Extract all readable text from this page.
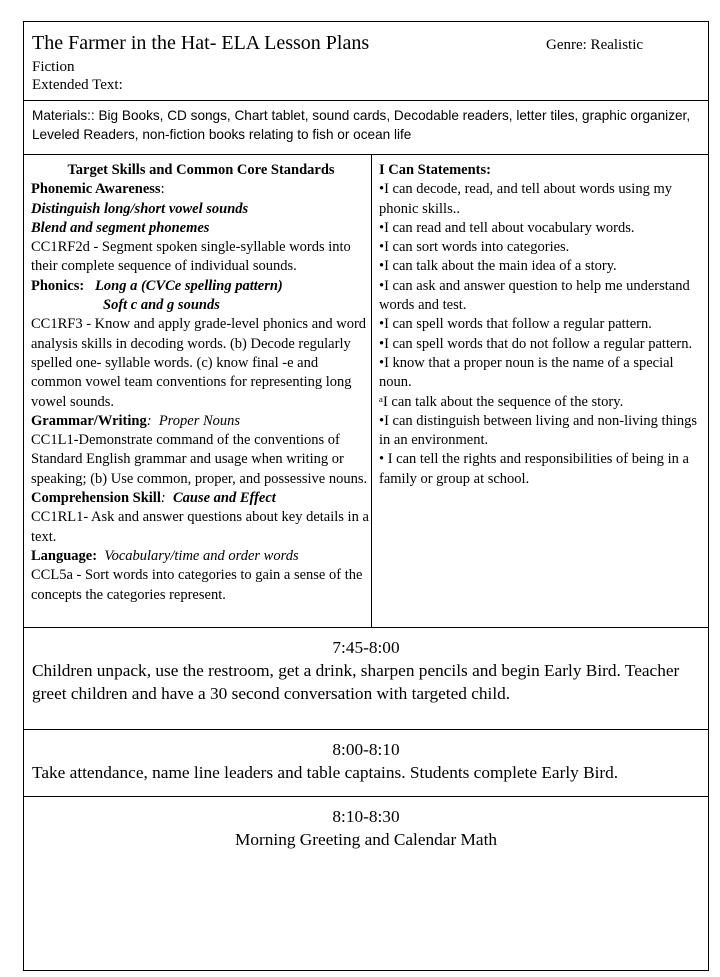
The Farmer in the Hat- ELA Lesson Plans	Genre: Realistic
Fiction
Extended Text:
Materials:: Big Books, CD songs, Chart tablet, sound cards, Decodable readers, letter tiles, graphic organizer, Leveled Readers, non-fiction books relating to fish or ocean life

Target Skills and Common Core Standards

Phonemic Awareness:

Distinguish long/short vowel sounds

Blend and segment phonemes

CC1RF2d - Segment spoken single-syllable words into their complete sequence of individual sounds.

Phonics: Long a (CVCe spelling pattern)

Soft c and g sounds

CC1RF3 - Know and apply grade-level phonics and word analysis skills in decoding words. (b) Decode regularly spelled one- syllable words. (c) know final -e and common vowel team conventions for representing long vowel sounds.

Grammar/Writing: Proper Nouns

CC1L1-Demonstrate command of the conventions of Standard English grammar and usage when writing or speaking; (b) Use common, proper, and possessive nouns.

Comprehension Skill: Cause and Effect

CC1RL1- Ask and answer questions about key details in a text.

Language: Vocabulary/time and order words

CCL5a - Sort words into categories to gain a sense of the concepts the categories represent.

I Can Statements:

•I can decode, read, and tell about words using my phonic skills..

•I can read and tell about vocabulary words.

•I can sort words into categories.

•I can talk about the main idea of a story.

•I can ask and answer question to help me understand words and test.

•I can spell words that follow a regular pattern.

•I can spell words that do not follow a regular pattern.

•I know that a proper noun is the name of a special noun.

ᵃI can talk about the sequence of the story.

•I can distinguish between living and non-living things in an environment.

• I can tell the rights and responsibilities of being in a family or group at school.

7:45-8:00
Children unpack, use the restroom, get a drink, sharpen pencils and begin Early Bird. Teacher greet children and have a 30 second conversation with targeted child.
8:00-8:10
Take attendance, name line leaders and table captains. Students complete Early Bird.
8:10-8:30
Morning Greeting and Calendar Math
